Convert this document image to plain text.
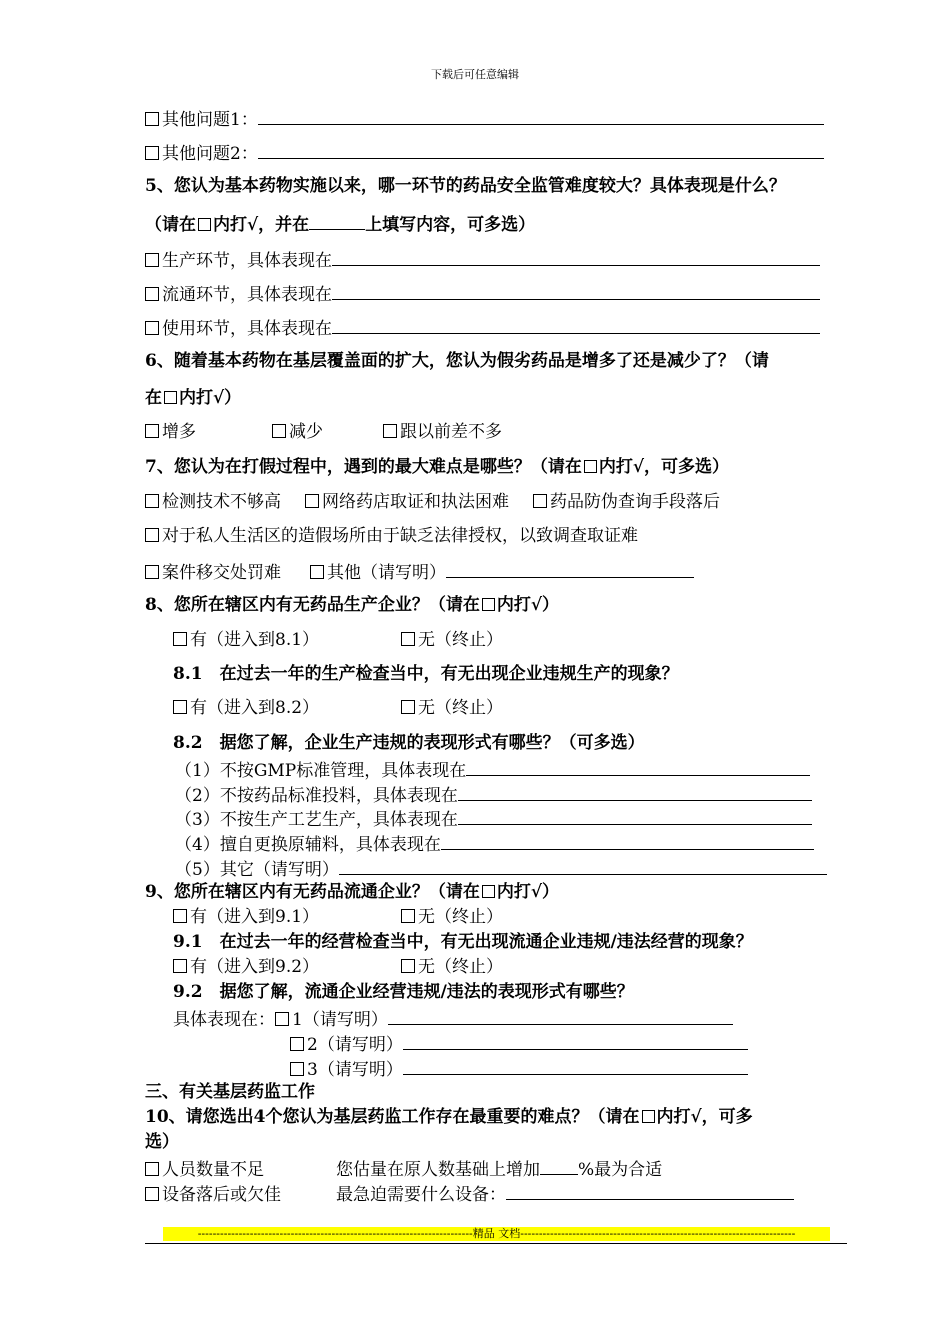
下载后可任意编辑
其他问题1：
其他问题2：
5、您认为基本药物实施以来，哪一环节的药品安全监管难度较大？具体表现是什么？
（请在 内打√，并在	上填写内容，可多选）
生产环节，具体表现在
流通环节，具体表现在
使用环节，具体表现在
6、随着基本药物在基层覆盖面的扩大，您认为假劣药品是增多了还是减少了？（请
在 内打√）
增多	减少	跟以前差不多
7、您认为在打假过程中，遇到的最大难点是哪些？（请在 内打√，可多选）
检测技术不够高 网络药店取证和执法困难 药品防伪查询手段落后
对于私人生活区的造假场所由于缺乏法律授权，以致调查取证难
案件移交处罚难	其他（请写明）
8、您所在辖区内有无药品生产企业？（请在 内打√）
有（进入到8.1）	无（终止）
8.1　在过去一年的生产检查当中，有无出现企业违规生产的现象？
有（进入到8.2）	无（终止）
8.2　据您了解，企业生产违规的表现形式有哪些？（可多选）
（1）不按GMP标准管理，具体表现在
（2）不按药品标准投料，具体表现在
（3）不按生产工艺生产，具体表现在
（4）擅自更换原辅料，具体表现在
（5）其它（请写明）
9、您所在辖区内有无药品流通企业？（请在 内打√）
有（进入到9.1）	无（终止）
9.1　在过去一年的经营检查当中，有无出现流通企业违规/违法经营的现象？
有（进入到9.2）	无（终止）
9.2　据您了解，流通企业经营违规/违法的表现形式有哪些？
具体表现在： 1（请写明）
2（请写明）
3（请写明）
三、有关基层药监工作
10、请您选出4个您认为基层药监工作存在最重要的难点？（请在 内打√，可多
选）
人员数量不足	您估量在原人数基础上增加 %最为合适
设备落后或欠佳	最急迫需要什么设备：
--------------------------------------------------------------------------精品 文档--------------------------------------------------------------------------
